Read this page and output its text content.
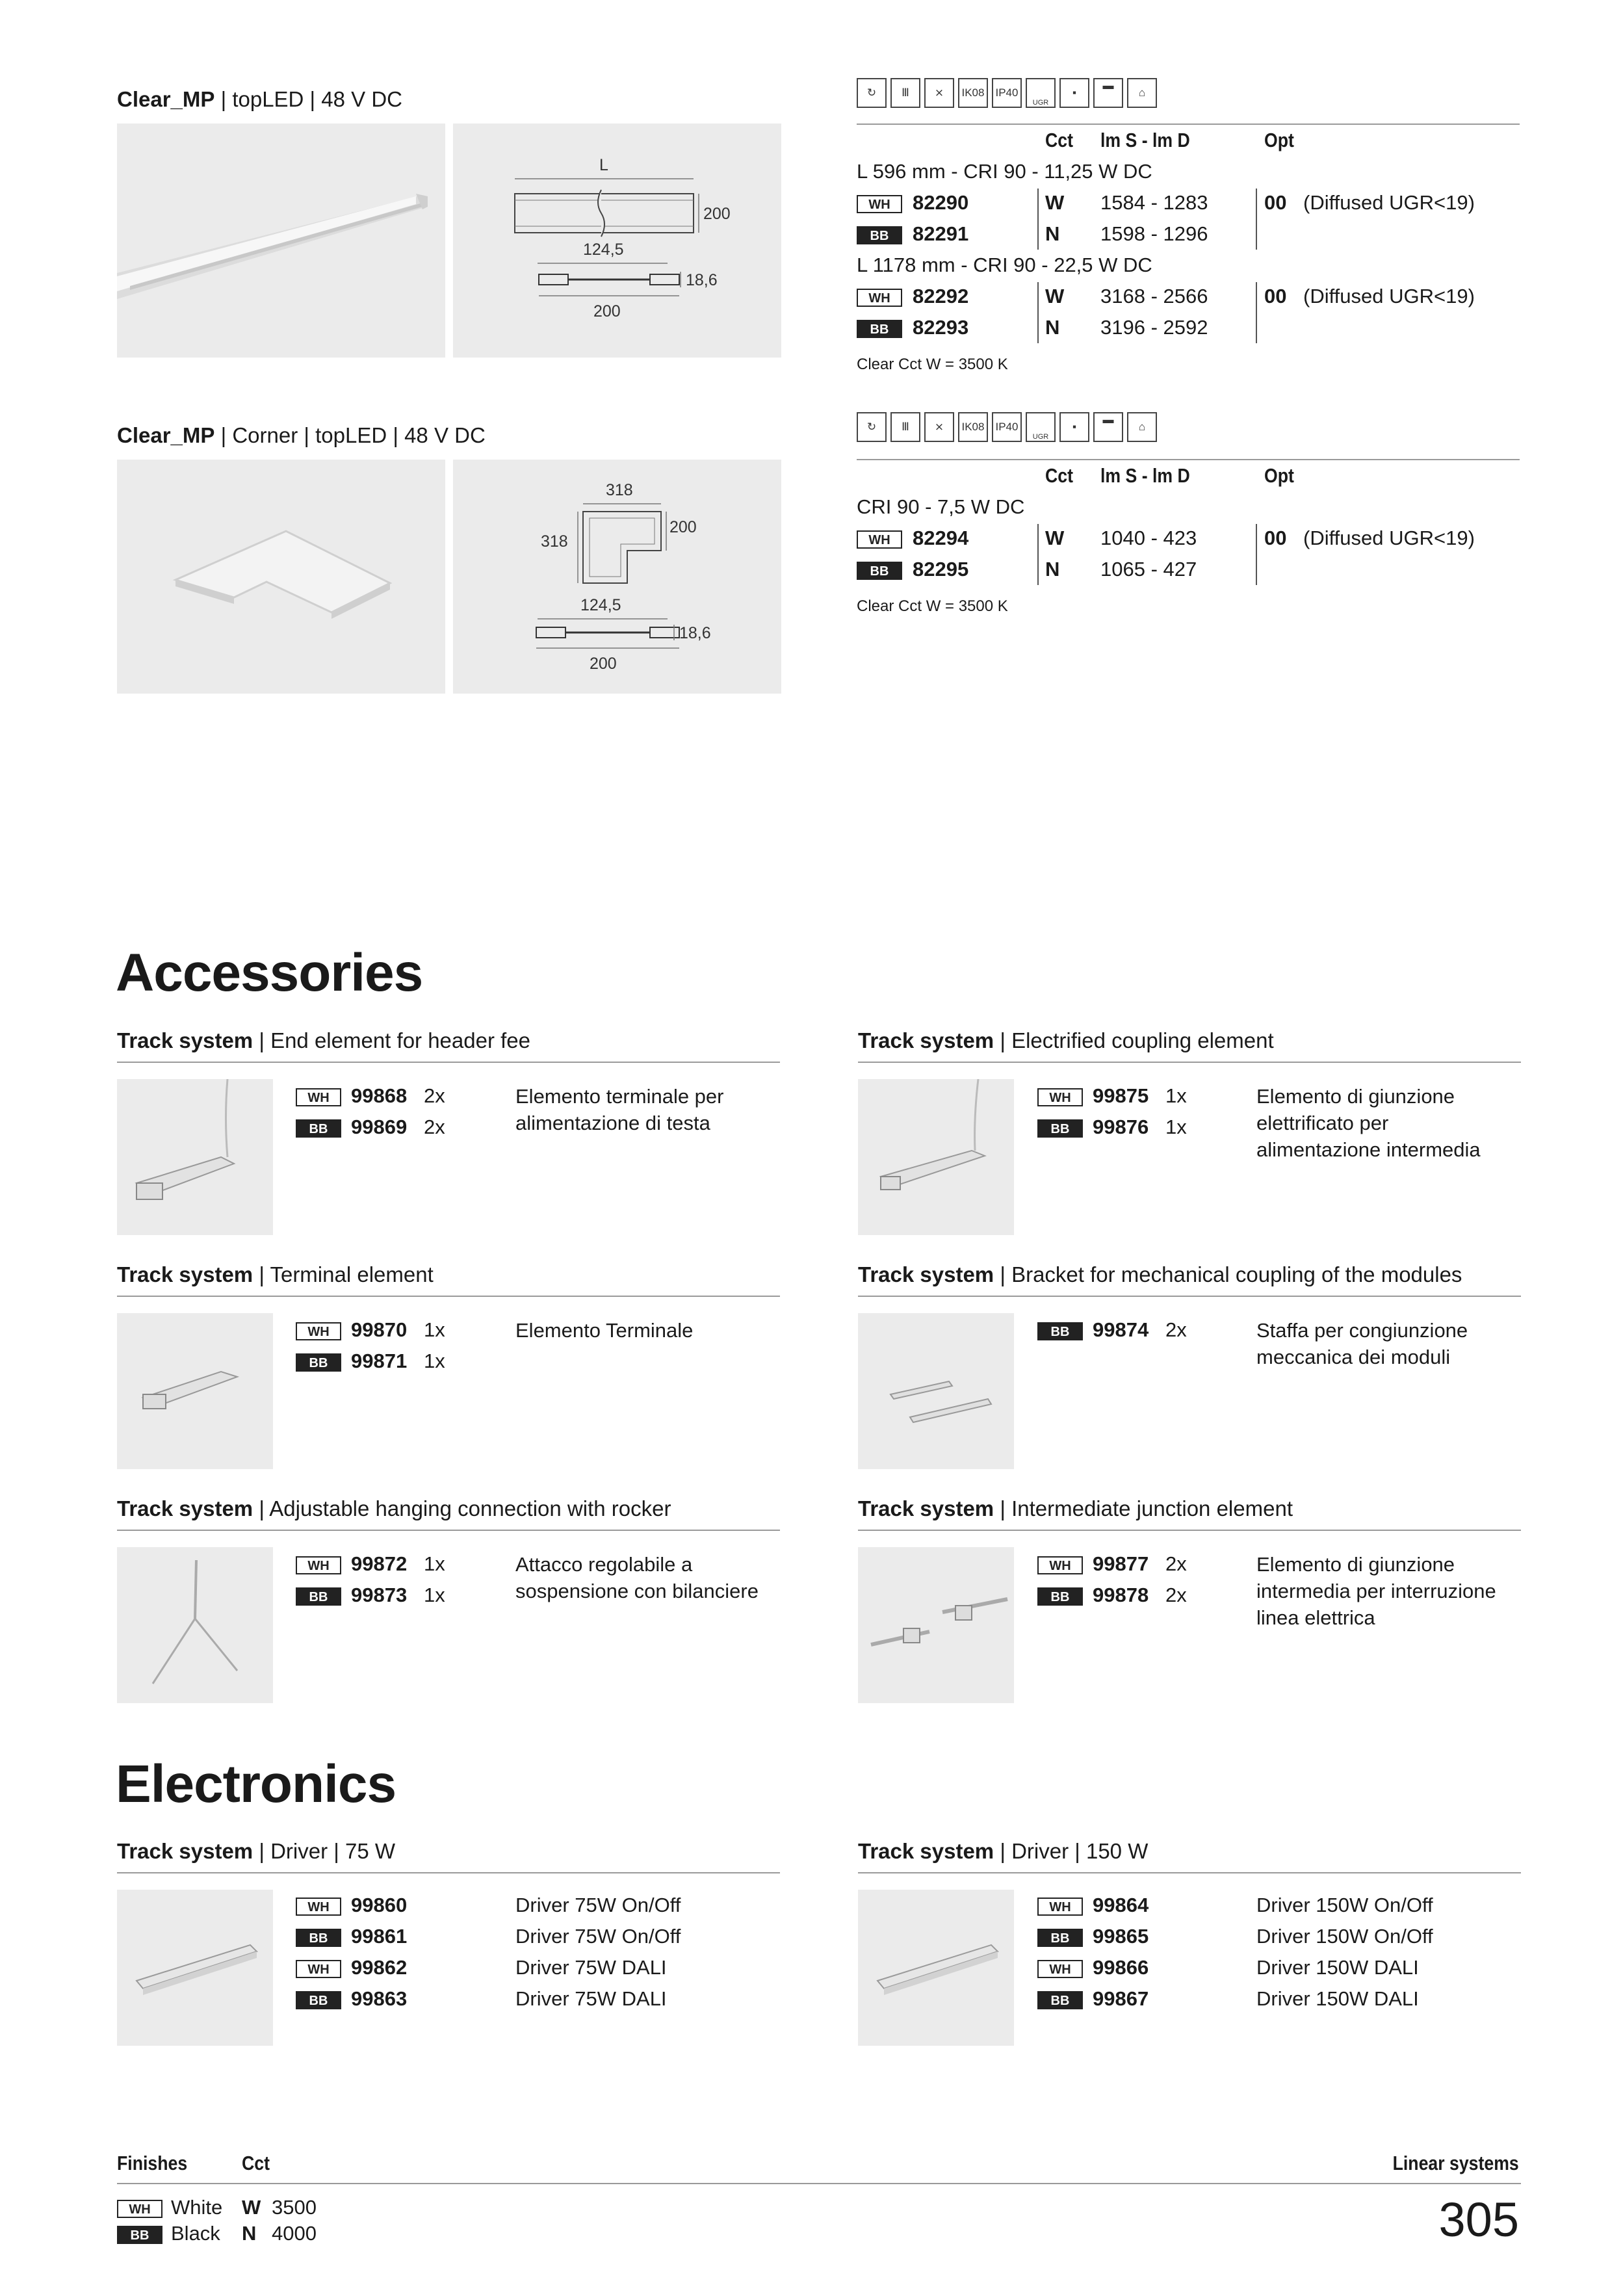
Clear_MP | topLED | 48 V DC
L
200
124,5
18,6
200
↻	Ⅲ	⨯	IK08	IP40
UGR
▪
▬
⌂
Cct lm S - lm D	Opt
L 596 mm - CRI 90 - 11,25 W DC
WH	82290	W 1584 - 1283	00 (Diffused UGR<19)
BB	82291	N 1598 - 1296
L 1178 mm - CRI 90 - 22,5 W DC
WH	82292	W 3168 - 2566	00 (Diffused UGR<19)
BB	82293	N 3196 - 2592
Clear Cct W = 3500 K
Clear_MP | Corner | topLED | 48 V DC
318
318
200
124,5
18,6
200
↻	Ⅲ	⨯	IK08	IP40
UGR
▪
▬
⌂
Cct lm S - lm D	Opt
CRI 90 - 7,5 W DC
WH	82294	W 1040 - 423	00 (Diffused UGR<19)
BB	82295	N 1065 - 427
Clear Cct W = 3500 K
Accessories
Track system | End element for header fee
WH	99868 2x
BB	99869 2x
Elemento terminale per alimentazione di testa
Track system | Electrified coupling element
WH	99875 1x
BB	99876 1x
Elemento di giunzione elettrificato per alimentazione intermedia
Track system | Terminal element
WH	99870 1x
BB	99871 1x
Elemento Terminale
Track system | Bracket for mechanical coupling of the modules
BB	99874 2x	Staffa per congiunzione meccanica dei moduli
Track system | Adjustable hanging connection with rocker
WH	99872 1x
BB	99873 1x
Attacco regolabile a sospensione con bilanciere
Track system | Intermediate junction element
WH	99877 2x
BB	99878 2x
Elemento di giunzione intermedia per interruzione linea elettrica
Electronics
Track system | Driver | 75 W
WH	99860	Driver 75W On/Off
BB	99861	Driver 75W On/Off
WH	99862	Driver 75W DALI
BB	99863	Driver 75W DALI
Track system | Driver | 150 W
WH	99864	Driver 150W On/Off
BB	99865	Driver 150W On/Off
WH	99866	Driver 150W DALI
BB	99867	Driver 150W DALI
Finishes	Cct	Linear systems
WH	White W 3500
BB	Black N 4000	305
